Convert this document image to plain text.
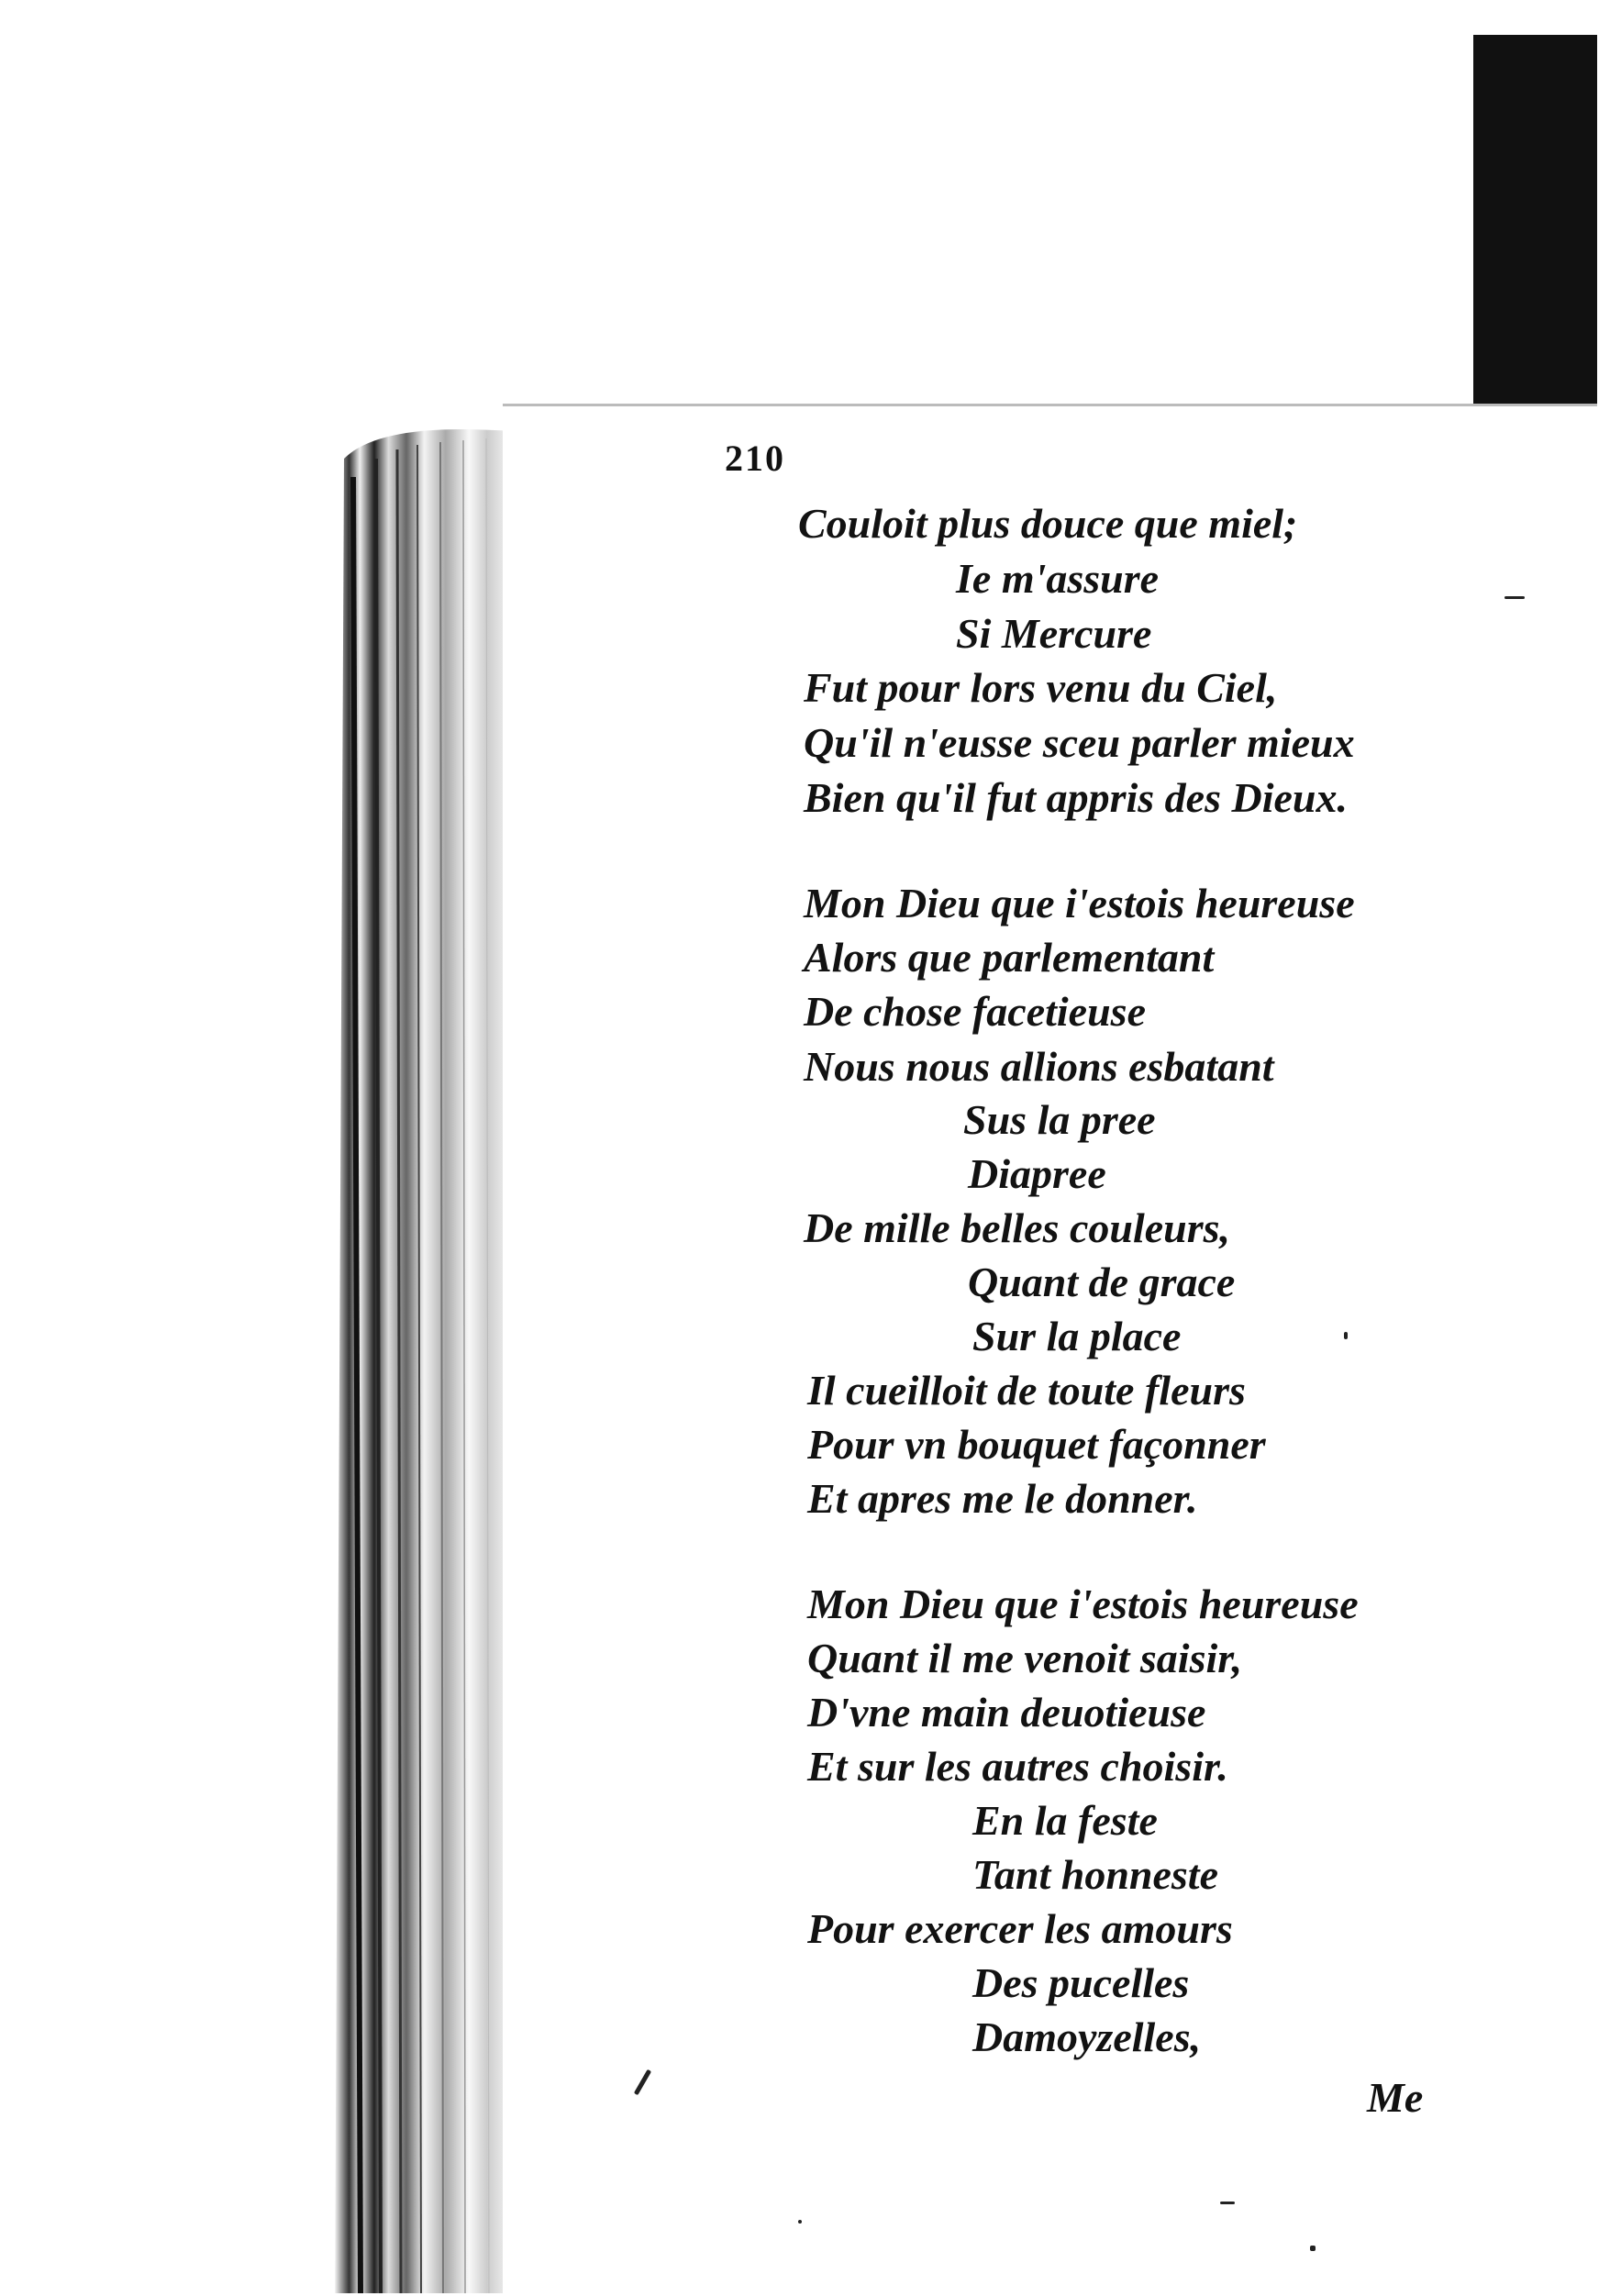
210
Couloit plus douce que miel;
Ie m'assure
Si Mercure
Fut pour lors venu du Ciel,
Qu'il n'eusse sceu parler mieux
Bien qu'il fut appris des Dieux.
Mon Dieu que i'estois heureuse
Alors que parlementant
De chose facetieuse
Nous nous allions esbatant
Sus la pree
Diapree
De mille belles couleurs,
Quant de grace
Sur la place
Il cueilloit de toute fleurs
Pour vn bouquet façonner
Et apres me le donner.
Mon Dieu que i'estois heureuse
Quant il me venoit saisir,
D'vne main deuotieuse
Et sur les autres choisir.
En la feste
Tant honneste
Pour exercer les amours
Des pucelles
Damoyzelles,
Me
